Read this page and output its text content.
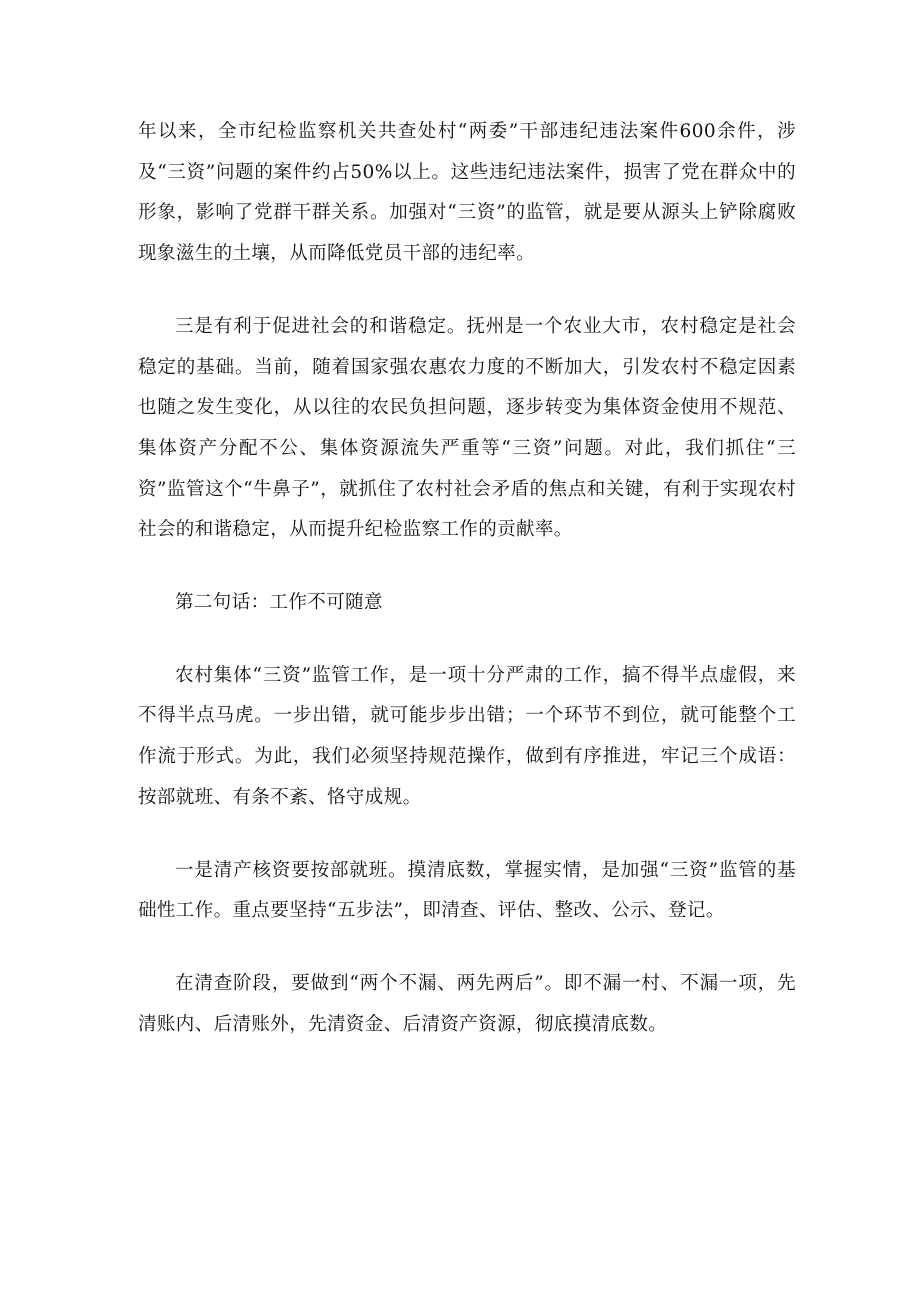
年以来，全市纪检监察机关共查处村“两委”干部违纪违法案件600余件，涉及“三资”问题的案件约占50%以上。这些违纪违法案件，损害了党在群众中的形象，影响了党群干群关系。加强对“三资”的监管，就是要从源头上铲除腐败现象滋生的土壤，从而降低党员干部的违纪率。

三是有利于促进社会的和谐稳定。抚州是一个农业大市，农村稳定是社会稳定的基础。当前，随着国家强农惠农力度的不断加大，引发农村不稳定因素也随之发生变化，从以往的农民负担问题，逐步转变为集体资金使用不规范、集体资产分配不公、集体资源流失严重等“三资”问题。对此，我们抓住“三资”监管这个“牛鼻子”，就抓住了农村社会矛盾的焦点和关键，有利于实现农村社会的和谐稳定，从而提升纪检监察工作的贡献率。

第二句话：工作不可随意

农村集体“三资”监管工作，是一项十分严肃的工作，搞不得半点虚假，来不得半点马虎。一步出错，就可能步步出错；一个环节不到位，就可能整个工作流于形式。为此，我们必须坚持规范操作，做到有序推进，牢记三个成语：按部就班、有条不紊、恪守成规。

一是清产核资要按部就班。摸清底数，掌握实情，是加强“三资”监管的基础性工作。重点要坚持“五步法”，即清查、评估、整改、公示、登记。

在清查阶段，要做到“两个不漏、两先两后”。即不漏一村、不漏一项，先清账内、后清账外，先清资金、后清资产资源，彻底摸清底数。
